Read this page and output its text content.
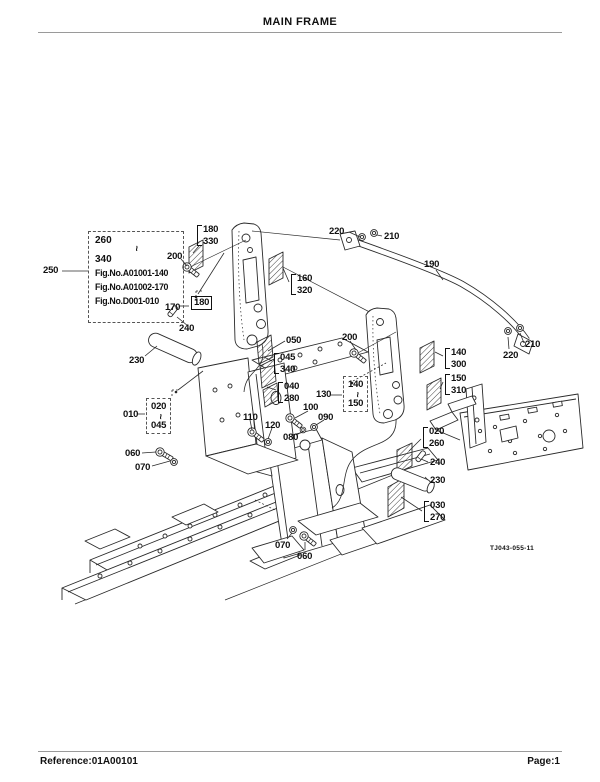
MAIN FRAME
260
~
340
Fig.No.A01001-140
Fig.No.A01002-170
Fig.No.D001-010
180
330
200
220	210
190
160
320
170 180
240
230
050
045
340
040
280
200
140
300
150
310
220
210
130
140
~
150
010
020
~
045
110
120
100
090
080
060
070
020
260
240
230
030
270
070
060
250
TJ043-055-11
Reference:01A00101	Page:1
